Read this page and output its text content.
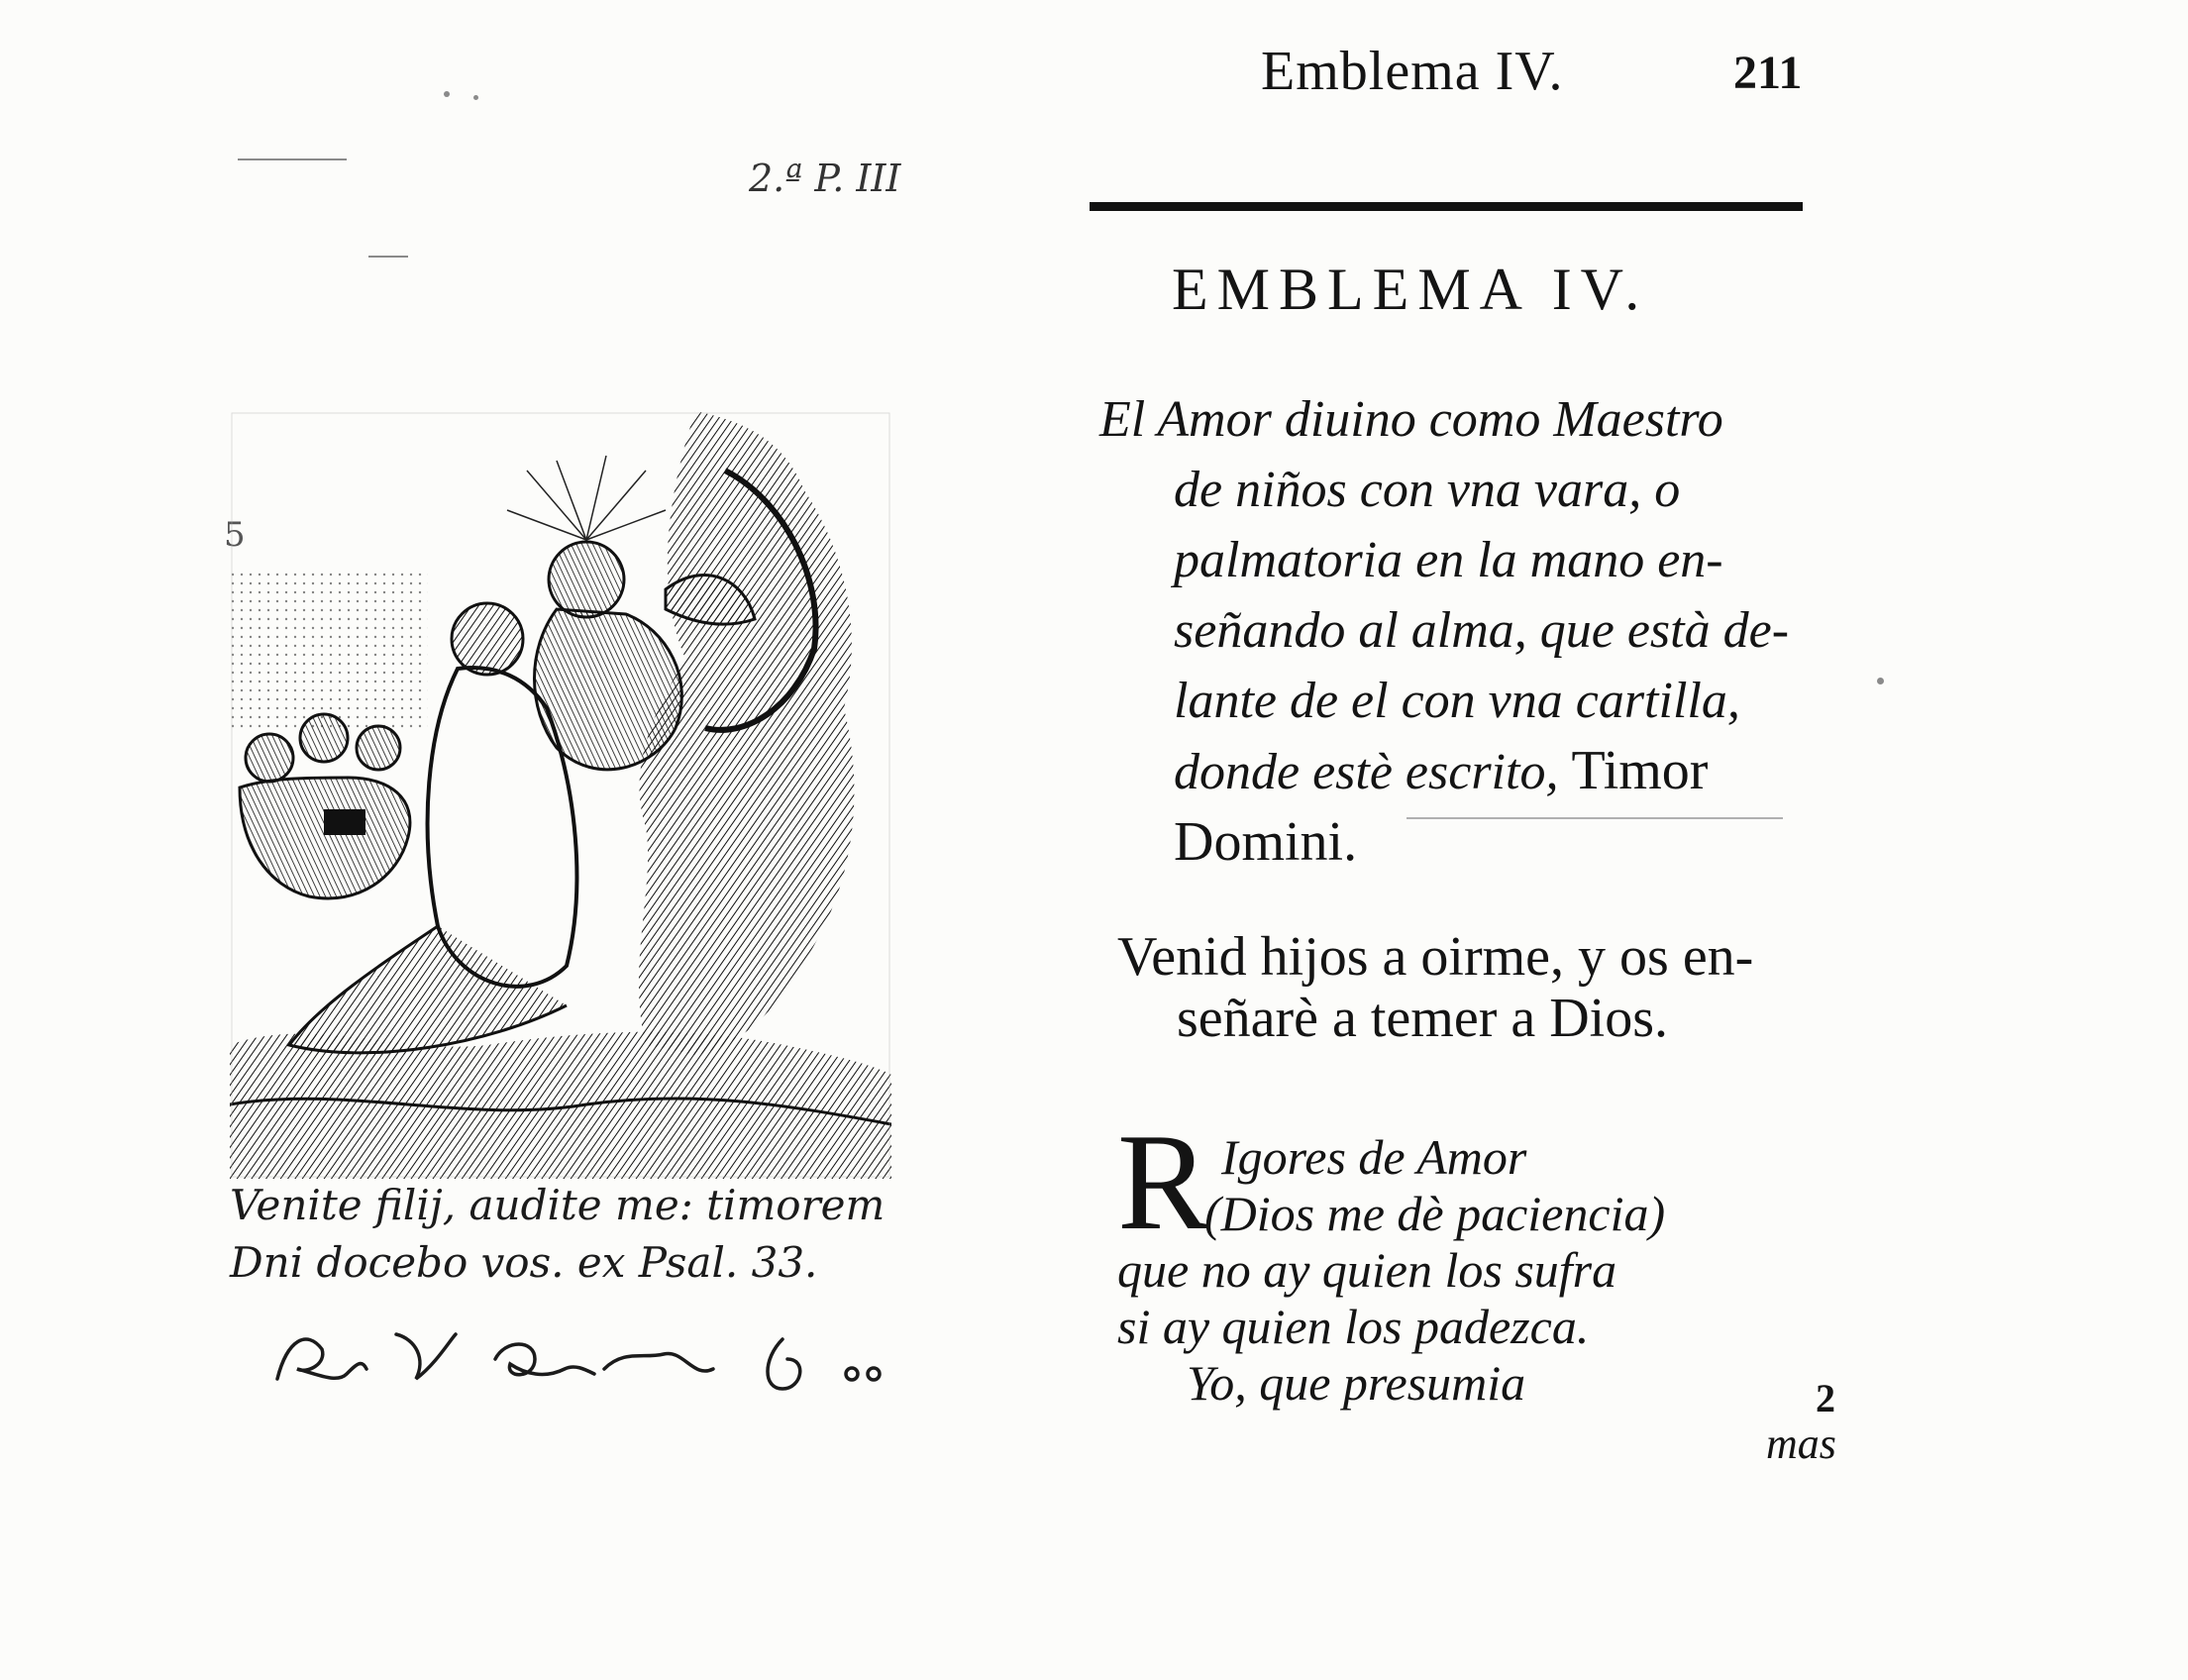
2.ª P. III
5
Venite filij, audite me: timorem
Dni docebo vos. ex Psal. 33.
Emblema IV.	211
EMBLEMA IV.
El Amor diuino como Maestro
de niños con vna vara, o
palmatoria en la mano en-
señando al alma, que està de-
lante de el con vna cartilla,
donde estè escrito, Timor
Domini.
Venid hijos a oirme, y os en-
señarè a temer a Dios.
R Igores de Amor
(Dios me dè paciencia)
que no ay quien los sufra
si ay quien los padezca.
Yo, que presumia	2
mas
